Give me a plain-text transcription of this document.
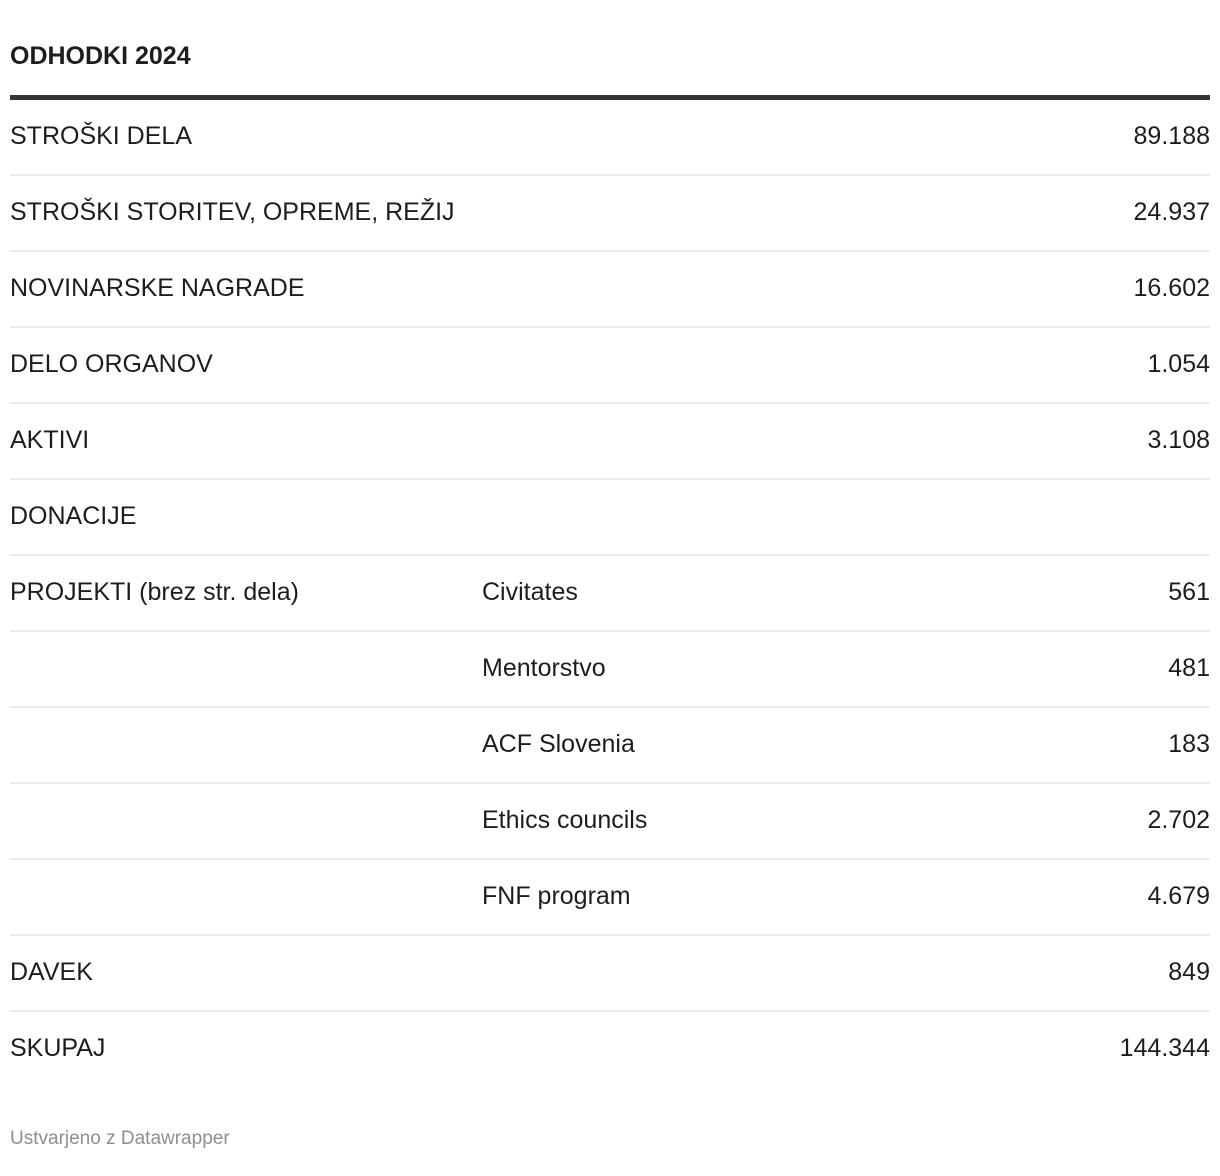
ODHODKI 2024
STROŠKI DELA		89.188
STROŠKI STORITEV, OPREME, REŽIJ		24.937
NOVINARSKE NAGRADE		16.602
DELO ORGANOV		1.054
AKTIVI		3.108
DONACIJE		
PROJEKTI (brez str. dela)	Civitates	561
	Mentorstvo	481
	ACF Slovenia	183
	Ethics councils	2.702
	FNF program	4.679
DAVEK		849
SKUPAJ		144.344
Ustvarjeno z Datawrapper
